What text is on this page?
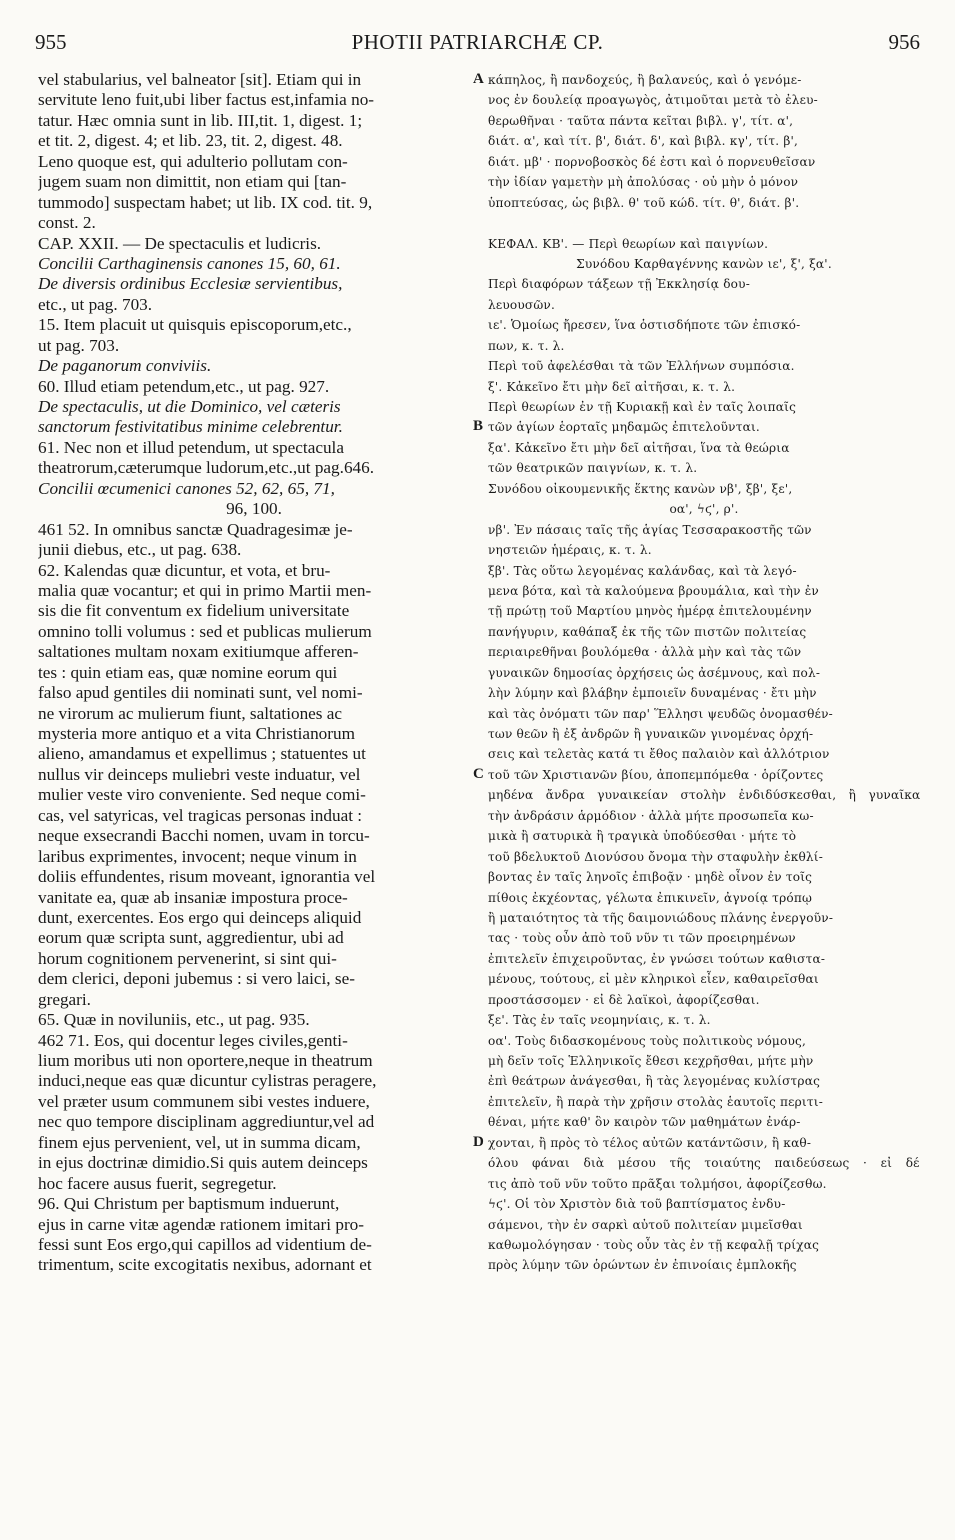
955	PHOTII PATRIARCHÆ CP.	956
A
B
C
D
vel stabularius, vel balneator [sit]. Etiam qui in
servitute leno fuit,ubi liber factus est,infamia no-
tatur. Hæc omnia sunt in lib. III,tit. 1, digest. 1;
et tit. 2, digest. 4; et lib. 23, tit. 2, digest. 48.
Leno quoque est, qui adulterio pollutam con-
jugem suam non dimittit, non etiam qui [tan-
tummodo] suspectam habet; ut lib. IX cod. tit. 9,
const. 2.
CAP. XXII. — De spectaculis et ludicris.
Concilii Carthaginensis canones 15, 60, 61.
De diversis ordinibus Ecclesiæ servientibus,
etc., ut pag. 703.
15. Item placuit ut quisquis episcoporum,etc.,
ut pag. 703.
De paganorum conviviis.
60. Illud etiam petendum,etc., ut pag. 927.
De spectaculis, ut die Dominico, vel cæteris
sanctorum festivitatibus minime celebrentur.
61. Nec non et illud petendum, ut spectacula
theatrorum,cæterumque ludorum,etc.,ut pag.646.
Concilii œcumenici canones 52, 62, 65, 71,
96, 100.
461 52. In omnibus sanctæ Quadragesimæ je-
junii diebus, etc., ut pag. 638.
62. Kalendas quæ dicuntur, et vota, et bru-
malia quæ vocantur; et qui in primo Martii men-
sis die fit conventum ex fidelium universitate
omnino tolli volumus : sed et publicas mulierum
saltationes multam noxam exitiumque afferen-
tes : quin etiam eas, quæ nomine eorum qui
falso apud gentiles dii nominati sunt, vel nomi-
ne virorum ac mulierum fiunt, saltationes ac
mysteria more antiquo et a vita Christianorum
alieno, amandamus et expellimus ; statuentes ut
nullus vir deinceps muliebri veste induatur, vel
mulier veste viro conveniente. Sed neque comi-
cas, vel satyricas, vel tragicas personas induat :
neque exsecrandi Bacchi nomen, uvam in torcu-
laribus exprimentes, invocent; neque vinum in
doliis effundentes, risum moveant, ignorantia vel
vanitate ea, quæ ab insaniæ impostura proce-
dunt, exercentes. Eos ergo qui deinceps aliquid
eorum quæ scripta sunt, aggredientur, ubi ad
horum cognitionem pervenerint, si sint qui-
dem clerici, deponi jubemus : si vero laici, se-
gregari.
65. Quæ in noviluniis, etc., ut pag. 935.
462 71. Eos, qui docentur leges civiles,genti-
lium moribus uti non oportere,neque in theatrum
induci,neque eas quæ dicuntur cylistras peragere,
vel præter usum communem sibi vestes induere,
nec quo tempore disciplinam aggrediuntur,vel ad
finem ejus pervenient, vel, ut in summa dicam,
in ejus doctrinæ dimidio.Si quis autem deinceps
hoc facere ausus fuerit, segregetur.
96. Qui Christum per baptismum induerunt,
ejus in carne vitæ agendæ rationem imitari pro-
fessi sunt Eos ergo,qui capillos ad videntium de-
trimentum, scite excogitatis nexibus, adornant et
κάπηλος, ἢ πανδοχεύς, ἢ βαλανεύς, καὶ ὁ γενόμε-
νος ἐν δουλείᾳ προαγωγὸς, ἀτιμοῦται μετὰ τὸ ἐλευ-
θερωθῆναι · ταῦτα πάντα κεῖται βιβλ. γ', τίτ. α',
διάτ. α', καὶ τίτ. β', διάτ. δ', καὶ βιβλ. κγ', τίτ. β',
διάτ. μβ' · πορνοβοσκὸς δέ ἐστι καὶ ὁ πορνευθεῖσαν
τὴν ἰδίαν γαμετὴν μὴ ἀπολύσας · οὐ μὴν ὁ μόνον
ὑποπτεύσας, ὡς βιβλ. θ' τοῦ κώδ. τίτ. θ', διάτ. β'.
ΚΕΦΑΛ. ΚΒ'. — Περὶ θεωρίων καὶ παιγνίων.
Συνόδου Καρθαγέννης κανὼν ιε', ξ', ξα'.
Περὶ διαφόρων τάξεων τῇ Ἐκκλησίᾳ δου-
λευουσῶν.
ιε'. Ὁμοίως ἤρεσεν, ἵνα ὁστισδήποτε τῶν ἐπισκό-
πων, κ. τ. λ.
Περὶ τοῦ ἀφελέσθαι τὰ τῶν Ἑλλήνων συμπόσια.
ξ'. Κἀκεῖνο ἔτι μὴν δεῖ αἰτῆσαι, κ. τ. λ.
Περὶ θεωρίων ἐν τῇ Κυριακῇ καὶ ἐν ταῖς λοιπαῖς
τῶν ἁγίων ἑορταῖς μηδαμῶς ἐπιτελοῦνται.
ξα'. Κἀκεῖνο ἔτι μὴν δεῖ αἰτῆσαι, ἵνα τὰ θεώρια
τῶν θεατρικῶν παιγνίων, κ. τ. λ.
Συνόδου οἰκουμενικῆς ἕκτης κανὼν νβ', ξβ', ξε',
οα', ϟϛ', ρ'.
νβ'. Ἐν πάσαις ταῖς τῆς ἁγίας Τεσσαρακοστῆς τῶν
νηστειῶν ἡμέραις, κ. τ. λ.
ξβ'. Τὰς οὕτω λεγομένας καλάνδας, καὶ τὰ λεγό-
μενα βότα, καὶ τὰ καλούμενα βρουμάλια, καὶ τὴν ἐν
τῇ πρώτῃ τοῦ Μαρτίου μηνὸς ἡμέρᾳ ἐπιτελουμένην
πανήγυριν, καθάπαξ ἐκ τῆς τῶν πιστῶν πολιτείας
περιαιρεθῆναι βουλόμεθα · ἀλλὰ μὴν καὶ τὰς τῶν
γυναικῶν δημοσίας ὀρχήσεις ὡς ἀσέμνους, καὶ πολ-
λὴν λύμην καὶ βλάβην ἐμποιεῖν δυναμένας · ἔτι μὴν
καὶ τὰς ὀνόματι τῶν παρ' Ἕλλησι ψευδῶς ὀνομασθέν-
των θεῶν ἢ ἐξ ἀνδρῶν ἢ γυναικῶν γινομένας ὀρχή-
σεις καὶ τελετὰς κατά τι ἔθος παλαιὸν καὶ ἀλλότριον
τοῦ τῶν Χριστιανῶν βίου, ἀποπεμπόμεθα · ὁρίζοντες
μηδένα ἄνδρα γυναικείαν στολὴν ἐνδιδύσκεσθαι, ἢ γυναῖκα
τὴν ἀνδράσιν ἁρμόδιον · ἀλλὰ μήτε προσωπεῖα κω-
μικὰ ἢ σατυρικὰ ἢ τραγικὰ ὑποδύεσθαι · μήτε τὸ
τοῦ βδελυκτοῦ Διονύσου ὄνομα τὴν σταφυλὴν ἐκθλί-
βοντας ἐν ταῖς ληνοῖς ἐπιβοᾷν · μηδὲ οἶνον ἐν τοῖς
πίθοις ἐκχέοντας, γέλωτα ἐπικινεῖν, ἀγνοίᾳ τρόπῳ
ἢ ματαιότητος τὰ τῆς δαιμονιώδους πλάνης ἐνεργοῦν-
τας · τοὺς οὖν ἀπὸ τοῦ νῦν τι τῶν προειρημένων
ἐπιτελεῖν ἐπιχειροῦντας, ἐν γνώσει τούτων καθιστα-
μένους, τούτους, εἰ μὲν κληρικοὶ εἶεν, καθαιρεῖσθαι
προστάσσομεν · εἰ δὲ λαϊκοὶ, ἀφορίζεσθαι.
ξε'. Τὰς ἐν ταῖς νεομηνίαις, κ. τ. λ.
οα'. Τοὺς διδασκομένους τοὺς πολιτικοὺς νόμους,
μὴ δεῖν τοῖς Ἑλληνικοῖς ἔθεσι κεχρῆσθαι, μήτε μὴν
ἐπὶ θεάτρων ἀνάγεσθαι, ἢ τὰς λεγομένας κυλίστρας
ἐπιτελεῖν, ἢ παρὰ τὴν χρῆσιν στολὰς ἑαυτοῖς περιτι-
θέναι, μήτε καθ' ὃν καιρὸν τῶν μαθημάτων ἐνάρ-
χονται, ἢ πρὸς τὸ τέλος αὐτῶν κατάντῶσιν, ἢ καθ-
όλου φάναι διὰ μέσου τῆς τοιαύτης παιδεύσεως · εἰ δέ
τις ἀπὸ τοῦ νῦν τοῦτο πρᾶξαι τολμήσοι, ἀφορίζεσθω.
ϟϛ'. Οἱ τὸν Χριστὸν διὰ τοῦ βαπτίσματος ἐνδυ-
σάμενοι, τὴν ἐν σαρκὶ αὐτοῦ πολιτείαν μιμεῖσθαι
καθωμολόγησαν · τοὺς οὖν τὰς ἐν τῇ κεφαλῇ τρίχας
πρὸς λύμην τῶν ὁρώντων ἐν ἐπινοίαις ἐμπλοκῆς
